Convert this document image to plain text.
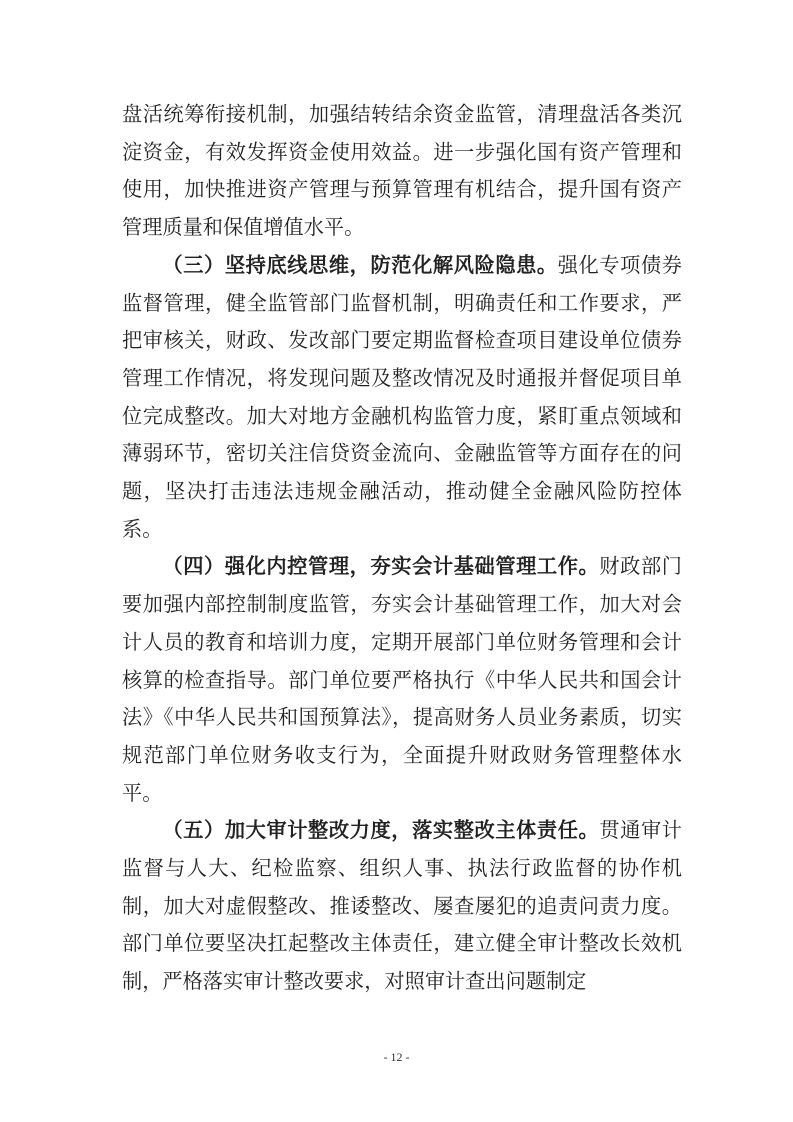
盘活统筹衔接机制，加强结转结余资金监管，清理盘活各类沉淀资金，有效发挥资金使用效益。进一步强化国有资产管理和使用，加快推进资产管理与预算管理有机结合，提升国有资产管理质量和保值增值水平。

（三）坚持底线思维，防范化解风险隐患。强化专项债券监督管理，健全监管部门监督机制，明确责任和工作要求，严把审核关，财政、发改部门要定期监督检查项目建设单位债券管理工作情况，将发现问题及整改情况及时通报并督促项目单位完成整改。加大对地方金融机构监管力度，紧盯重点领域和薄弱环节，密切关注信贷资金流向、金融监管等方面存在的问题，坚决打击违法违规金融活动，推动健全金融风险防控体系。

（四）强化内控管理，夯实会计基础管理工作。财政部门要加强内部控制制度监管，夯实会计基础管理工作，加大对会计人员的教育和培训力度，定期开展部门单位财务管理和会计核算的检查指导。部门单位要严格执行《中华人民共和国会计法》《中华人民共和国预算法》，提高财务人员业务素质，切实规范部门单位财务收支行为，全面提升财政财务管理整体水平。

（五）加大审计整改力度，落实整改主体责任。贯通审计监督与人大、纪检监察、组织人事、执法行政监督的协作机制，加大对虚假整改、推诿整改、屡查屡犯的追责问责力度。部门单位要坚决扛起整改主体责任，建立健全审计整改长效机制，严格落实审计整改要求，对照审计查出问题制定

- 12 -
